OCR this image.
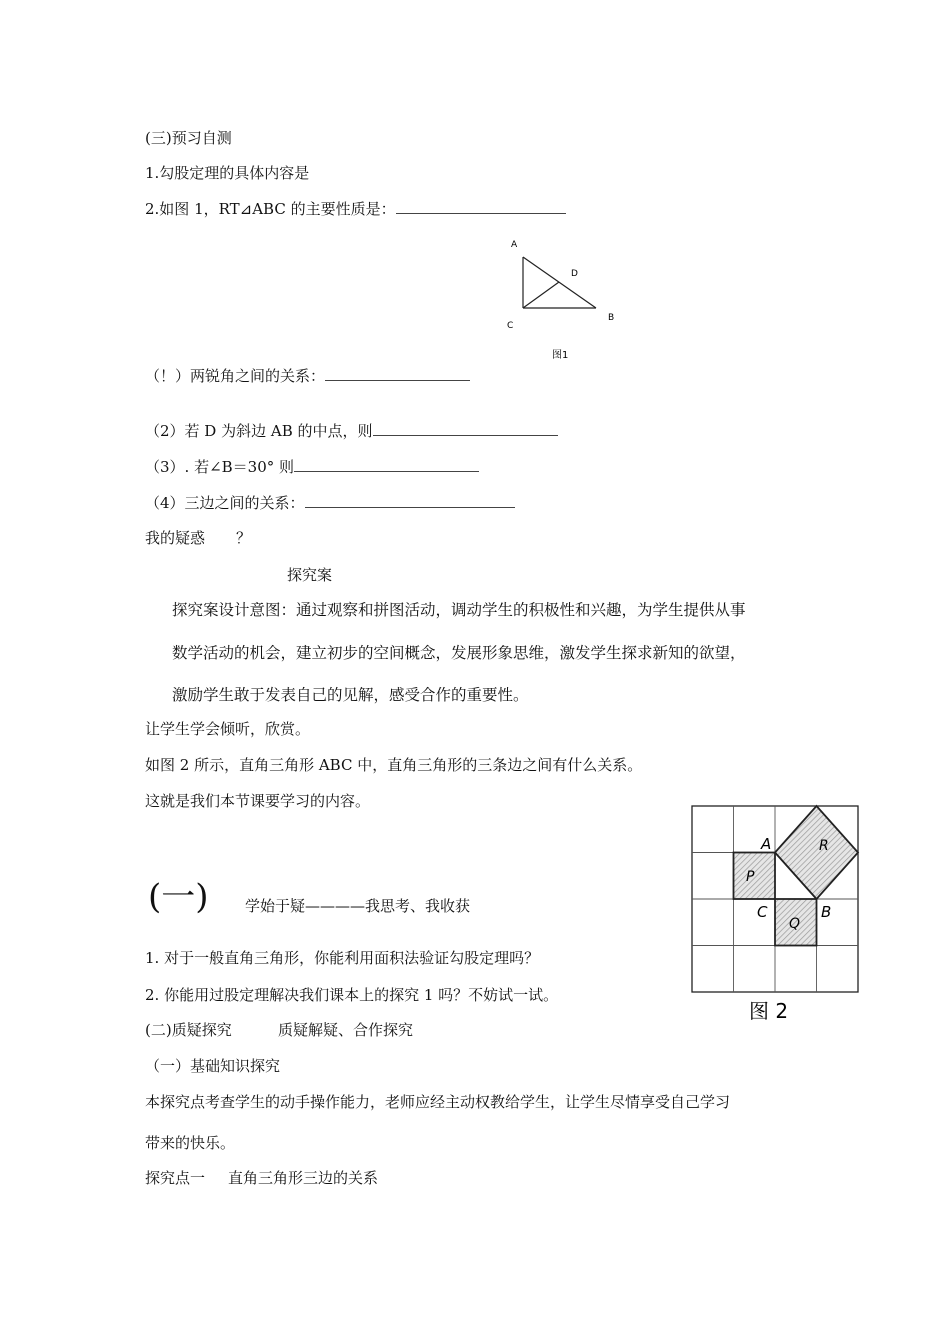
(三)预习自测
1.勾股定理的具体内容是
2.如图 1，RT⊿ABC 的主要性质是：
A
D
C
B
图1
（！）两锐角之间的关系：
（2）若 D 为斜边 AB 的中点，则
（3）. 若∠B＝30° 则
（4）三边之间的关系：
我的疑惑 ？
探究案
探究案设计意图：通过观察和拼图活动，调动学生的积极性和兴趣，为学生提供从事
数学活动的机会，建立初步的空间概念，发展形象思维，激发学生探求新知的欲望，
激励学生敢于发表自己的见解，感受合作的重要性。
让学生学会倾听，欣赏。
如图 2 所示，直角三角形 ABC 中，直角三角形的三条边之间有什么关系。
这就是我们本节课要学习的内容。
A	R
P
C	B
Q
图 2
(一) 学始于疑————我思考、我收获
1. 对于一般直角三角形，你能利用面积法验证勾股定理吗？
2. 你能用过股定理解决我们课本上的探究 1 吗？不妨试一试。
(二)质疑探究	质疑解疑、合作探究
（一）基础知识探究
本探究点考查学生的动手操作能力，老师应经主动权教给学生，让学生尽情享受自己学习
带来的快乐。
探究点一 直角三角形三边的关系
